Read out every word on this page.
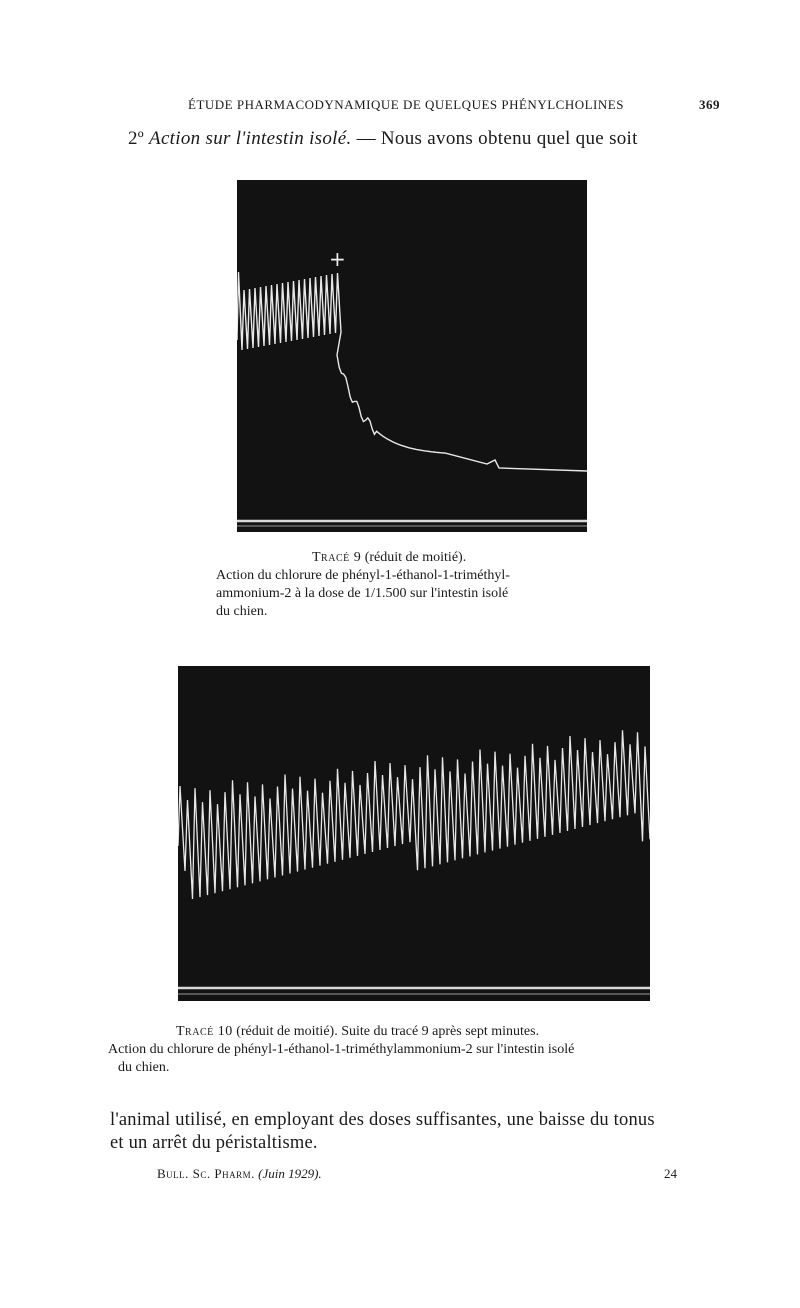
ÉTUDE PHARMACODYNAMIQUE DE QUELQUES PHÉNYLCHOLINES	369
2º Action sur l'intestin isolé. — Nous avons obtenu quel que soit
+
Tracé 9 (réduit de moitié).
Action du chlorure de phényl-1-éthanol-1-triméthyl-
ammonium-2 à la dose de 1/1.500 sur l'intestin isolé
du chien.
Tracé 10 (réduit de moitié). Suite du tracé 9 après sept minutes.
Action du chlorure de phényl-1-éthanol-1-triméthylammonium-2 sur l'intestin isolé
du chien.
l'animal utilisé, en employant des doses suffisantes, une baisse du tonus
et un arrêt du péristaltisme.
Bull. Sc. Pharm. (Juin 1929).	24
